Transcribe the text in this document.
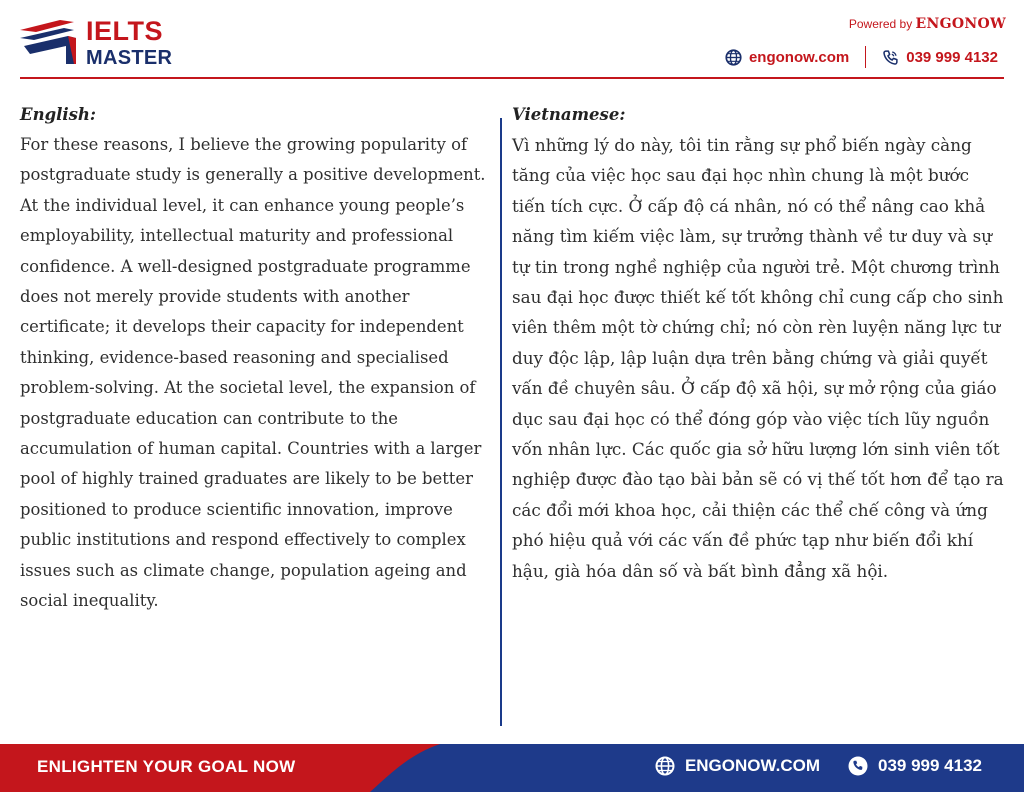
IELTS
MASTER
Powered by ENGONOW
engonow.com	039 999 4132
English:

For these reasons, I believe the growing popularity of postgraduate study is generally a positive development. At the individual level, it can enhance young people’s employability, intellectual maturity and professional confidence. A well-designed postgraduate programme does not merely provide students with another certificate; it develops their capacity for independent thinking, evidence-based reasoning and specialised problem-solving. At the societal level, the expansion of postgraduate education can contribute to the accumulation of human capital. Countries with a larger pool of highly trained graduates are likely to be better positioned to produce scientific innovation, improve public institutions and respond effectively to complex issues such as climate change, population ageing and social inequality.

Vietnamese:

Vì những lý do này, tôi tin rằng sự phổ biến ngày càng tăng của việc học sau đại học nhìn chung là một bước tiến tích cực. Ở cấp độ cá nhân, nó có thể nâng cao khả năng tìm kiếm việc làm, sự trưởng thành về tư duy và sự tự tin trong nghề nghiệp của người trẻ. Một chương trình sau đại học được thiết kế tốt không chỉ cung cấp cho sinh viên thêm một tờ chứng chỉ; nó còn rèn luyện năng lực tư duy độc lập, lập luận dựa trên bằng chứng và giải quyết vấn đề chuyên sâu. Ở cấp độ xã hội, sự mở rộng của giáo dục sau đại học có thể đóng góp vào việc tích lũy nguồn vốn nhân lực. Các quốc gia sở hữu lượng lớn sinh viên tốt nghiệp được đào tạo bài bản sẽ có vị thế tốt hơn để tạo ra các đổi mới khoa học, cải thiện các thể chế công và ứng phó hiệu quả với các vấn đề phức tạp như biến đổi khí hậu, già hóa dân số và bất bình đẳng xã hội.

ENLIGHTEN YOUR GOAL NOW	ENGONOW.COM	039 999 4132
